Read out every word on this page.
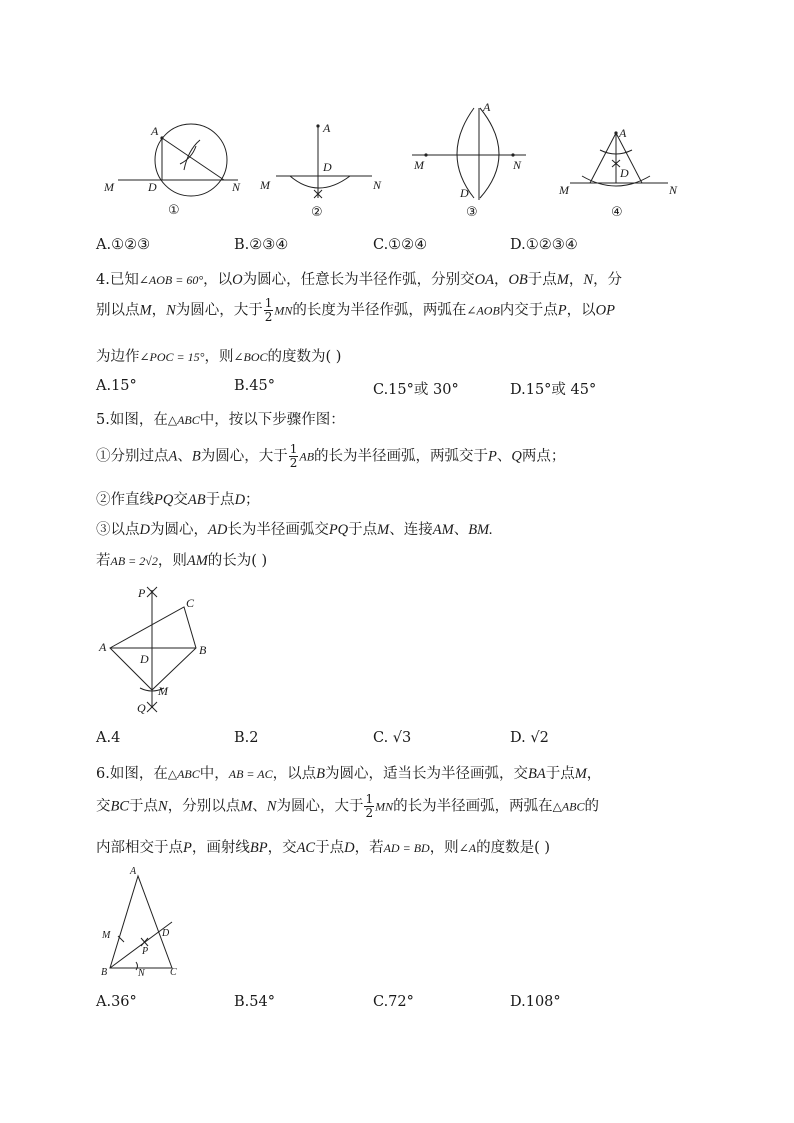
A
M	D	N
①
A
D
M	N
②
A
M	N
D
③
A
D
M	N
④
A.①②③	B.②③④	C.①②④	D.①②③④
4.已知∠AOB = 60°，以O为圆心，任意长为半径作弧，分别交OA，OB于点M，N，分
别以点M，N为圆心，大于 $\frac{1}{2}$ MN的长度为半径作弧，两弧在∠AOB内交于点P，以OP
为边作∠POC = 15°，则∠BOC的度数为( )
A.15°	B.45°	C.15°或 30°	D.15°或 45°
5.如图，在△ABC中，按以下步骤作图：
①分别过点A、B为圆心，大于 $\frac{1}{2}$ AB的长为半径画弧，两弧交于P、Q两点；
②作直线PQ交AB于点D；
③以点D为圆心，AD长为半径画弧交PQ于点M、连接AM、BM.
若AB = 2√2，则AM的长为( )
P
C
A
D
B
M
Q
A.4	B.2	C. √3	D. √2
6.如图，在△ABC中，AB = AC，以点B为圆心，适当长为半径画弧，交BA于点M，
交BC于点N，分别以点M、N为圆心，大于 $\frac{1}{2}$ MN的长为半径画弧，两弧在△ABC的
内部相交于点P，画射线BP，交AC于点D，若AD = BD，则∠A的度数是( )
A
M	D
P
B	N	C
A.36°	B.54°	C.72°	D.108°
